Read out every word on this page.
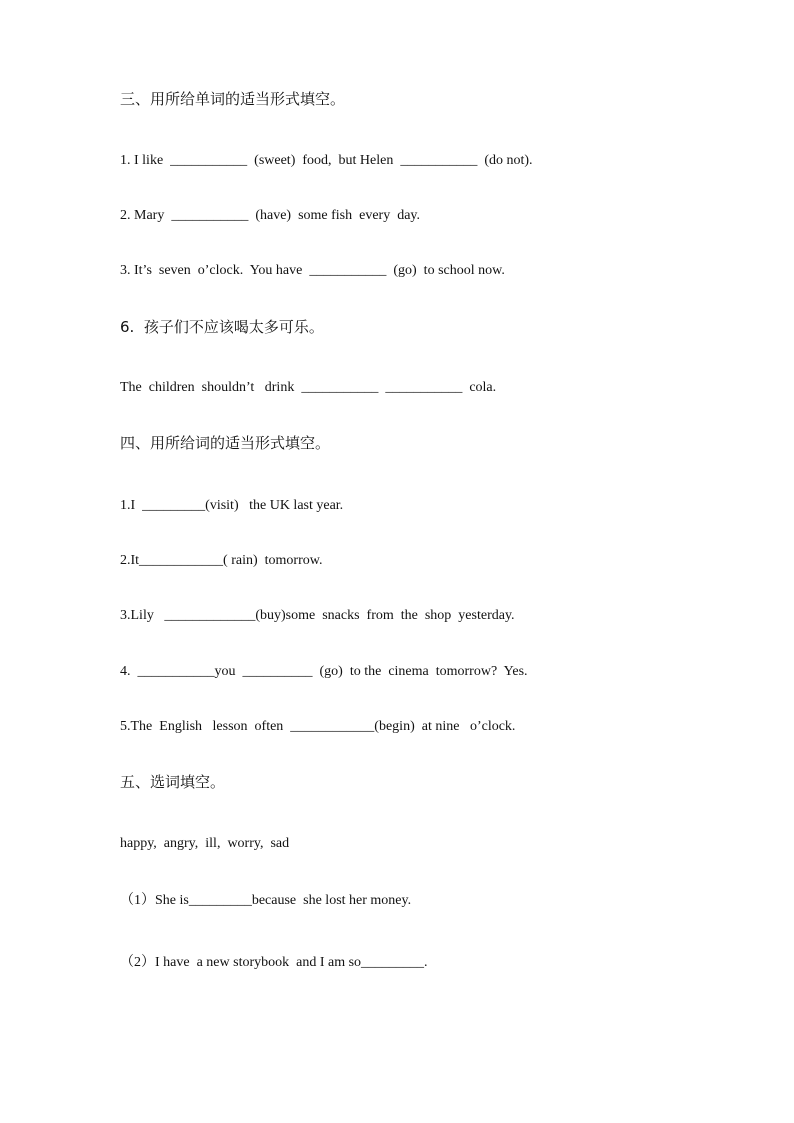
三、用所给单词的适当形式填空。
1. I like  ___________  (sweet)  food,  but Helen  ___________  (do not).
2. Mary  ___________  (have)  some fish  every  day.
3. It’s  seven  o’clock.  You have  ___________  (go)  to school now.
6.  孩子们不应该喝太多可乐。
The  children  shouldn’t   drink  ___________  ___________  cola.
四、用所给词的适当形式填空。
1.I  _________(visit)   the UK last year.
2.It____________( rain)  tomorrow.
3.Lily   _____________(buy)some  snacks  from  the  shop  yesterday.
4.  ___________you  __________  (go)  to the  cinema  tomorrow?  Yes.
5.The  English   lesson  often  ____________(begin)  at nine   o’clock.
五、选词填空。
happy,  angry,  ill,  worry,  sad
（1）She is_________because  she lost her money.
（2）I have  a new storybook  and I am so_________.
